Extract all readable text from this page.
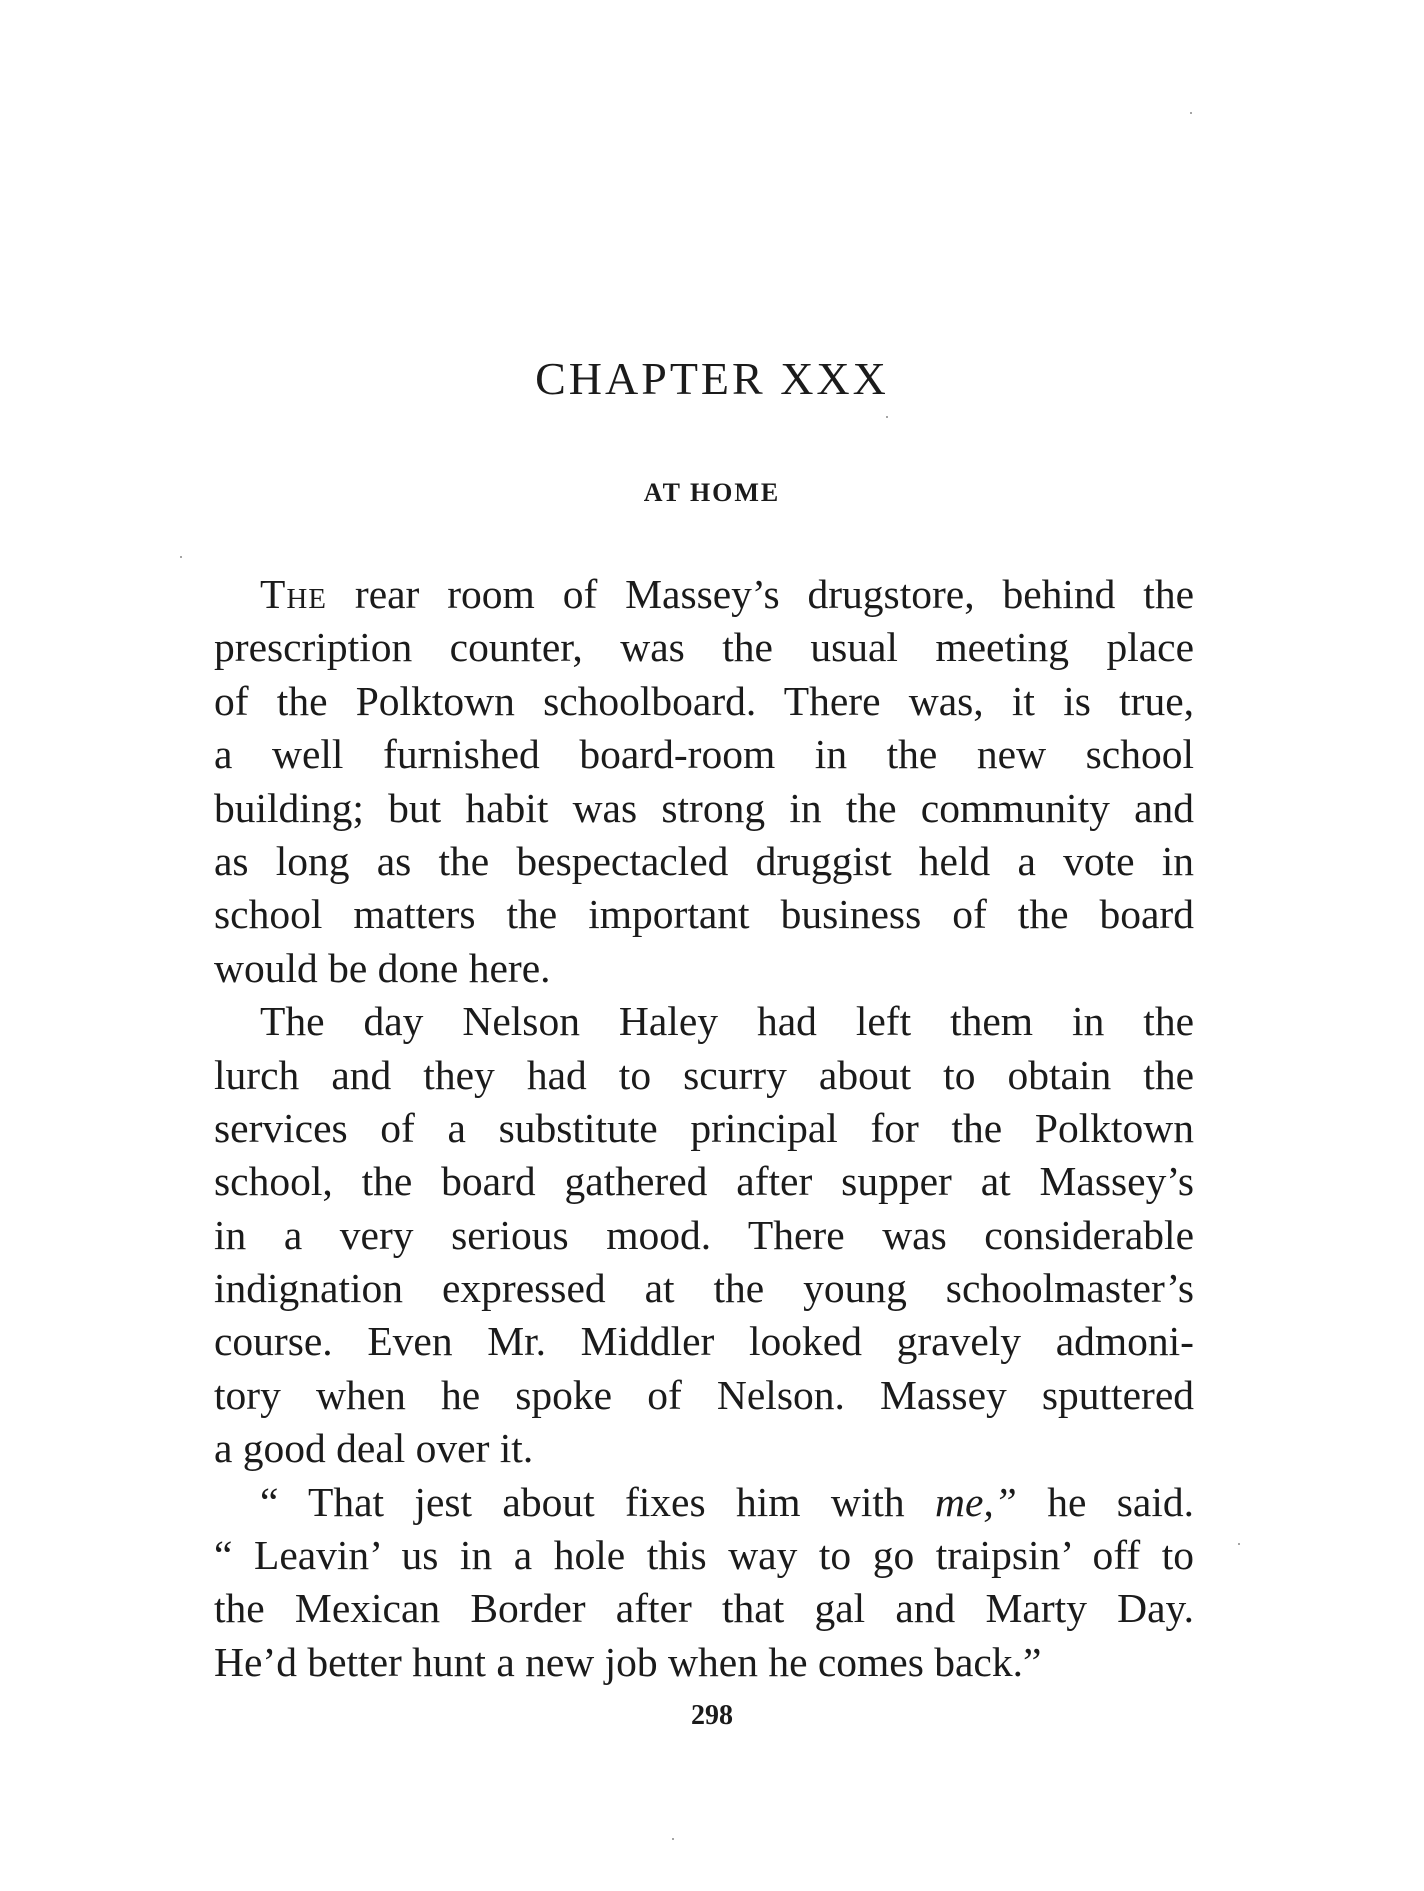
CHAPTER XXX
AT HOME
The rear room of Massey’s drugstore, behind the
prescription counter, was the usual meeting place
of the Polktown schoolboard. There was, it is true,
a well furnished board-room in the new school
building; but habit was strong in the community and
as long as the bespectacled druggist held a vote in
school matters the important business of the board
would be done here.
The day Nelson Haley had left them in the
lurch and they had to scurry about to obtain the
services of a substitute principal for the Polktown
school, the board gathered after supper at Massey’s
in a very serious mood. There was considerable
indignation expressed at the young schoolmaster’s
course. Even Mr. Middler looked gravely admoni-
tory when he spoke of Nelson. Massey sputtered
a good deal over it.
“ That jest about fixes him with me,” he said.
“ Leavin’ us in a hole this way to go traipsin’ off to
the Mexican Border after that gal and Marty Day.
He’d better hunt a new job when he comes back.”
298
